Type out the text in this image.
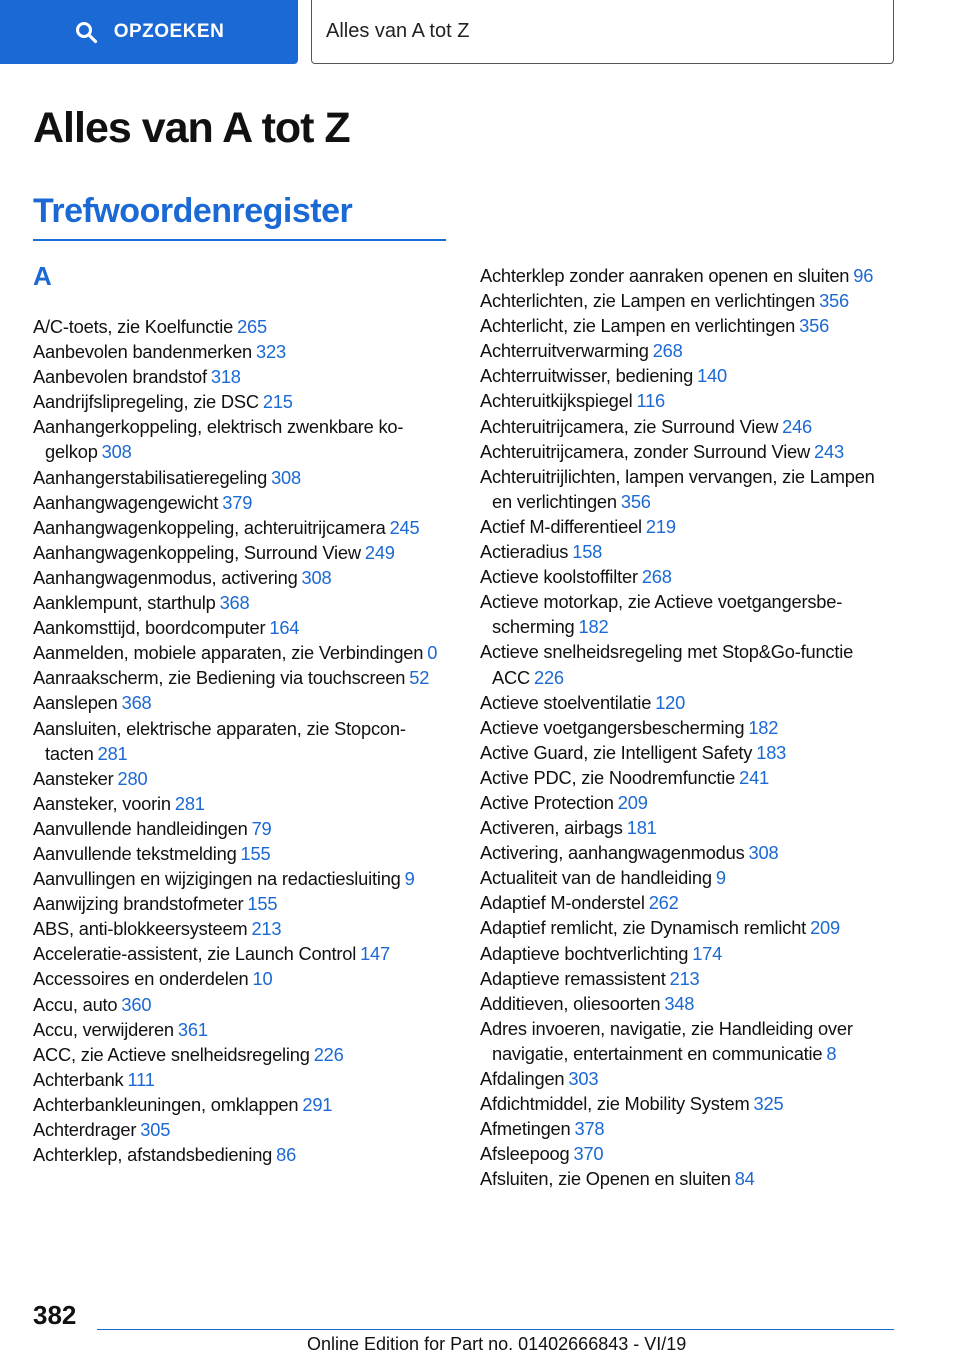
OPZOEKEN	Alles van A tot Z
Alles van A tot Z
Trefwoordenregister
A
A/C-toets, zie Koelfunctie 265
Aanbevolen bandenmerken 323
Aanbevolen brandstof 318
Aandrijfslipregeling, zie DSC 215
Aanhangerkoppeling, elektrisch zwenkbare kogelkop 308
Aanhangerstabilisatieregeling 308
Aanhangwagengewicht 379
Aanhangwagenkoppeling, achteruitrijcamera 245
Aanhangwagenkoppeling, Surround View 249
Aanhangwagenmodus, activering 308
Aanklempunt, starthulp 368
Aankomsttijd, boordcomputer 164
Aanmelden, mobiele apparaten, zie Verbindingen 0
Aanraakscherm, zie Bediening via touchscreen 52
Aanslepen 368
Aansluiten, elektrische apparaten, zie Stopcontacten 281
Aansteker 280
Aansteker, voorin 281
Aanvullende handleidingen 79
Aanvullende tekstmelding 155
Aanvullingen en wijzigingen na redactiesluiting 9
Aanwijzing brandstofmeter 155
ABS, anti-blokkeersysteem 213
Acceleratie-assistent, zie Launch Control 147
Accessoires en onderdelen 10
Accu, auto 360
Accu, verwijderen 361
ACC, zie Actieve snelheidsregeling 226
Achterbank 111
Achterbankleuningen, omklappen 291
Achterdrager 305
Achterklep, afstandsbediening 86
Achterklep zonder aanraken openen en sluiten 96
Achterlichten, zie Lampen en verlichtingen 356
Achterlicht, zie Lampen en verlichtingen 356
Achterruitverwarming 268
Achterruitwisser, bediening 140
Achteruitkijkspiegel 116
Achteruitrijcamera, zie Surround View 246
Achteruitrijcamera, zonder Surround View 243
Achteruitrijlichten, lampen vervangen, zie Lampen en verlichtingen 356
Actief M-differentieel 219
Actieradius 158
Actieve koolstoffilter 268
Actieve motorkap, zie Actieve voetgangersbescherming 182
Actieve snelheidsregeling met Stop&Go-functie ACC 226
Actieve stoelventilatie 120
Actieve voetgangersbescherming 182
Active Guard, zie Intelligent Safety 183
Active PDC, zie Noodremfunctie 241
Active Protection 209
Activeren, airbags 181
Activering, aanhangwagenmodus 308
Actualiteit van de handleiding 9
Adaptief M-onderstel 262
Adaptief remlicht, zie Dynamisch remlicht 209
Adaptieve bochtverlichting 174
Adaptieve remassistent 213
Additieven, oliesoorten 348
Adres invoeren, navigatie, zie Handleiding over navigatie, entertainment en communicatie 8
Afdalingen 303
Afdichtmiddel, zie Mobility System 325
Afmetingen 378
Afsleepoog 370
Afsluiten, zie Openen en sluiten 84
382
Online Edition for Part no. 01402666843 - VI/19
